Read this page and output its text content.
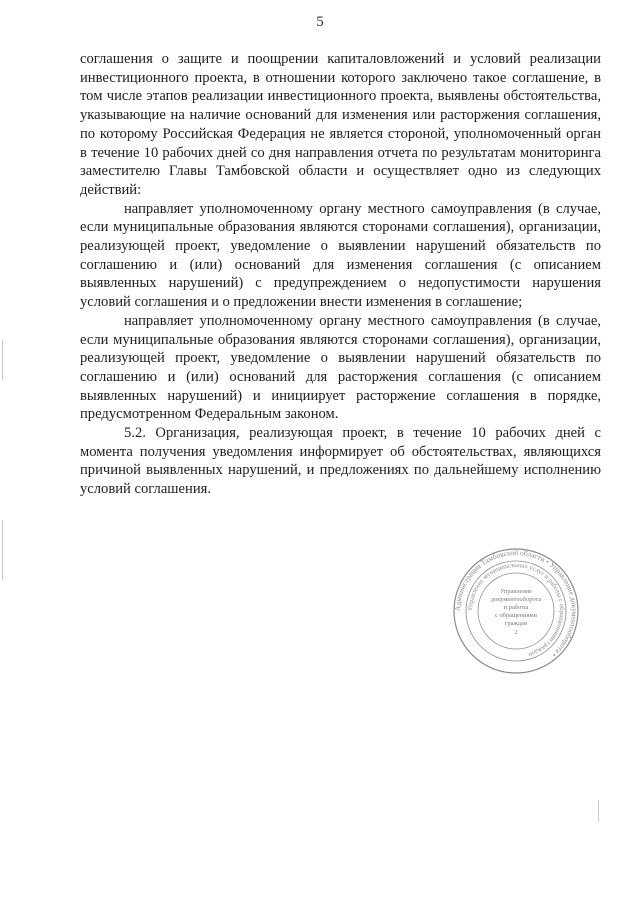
5

соглашения о защите и поощрении капиталовложений и условий реализации инвестиционного проекта, в отношении которого заключено такое соглашение, в том числе этапов реализации инвестиционного проекта, выявлены обстоятельства, указывающие на наличие оснований для изменения или расторжения соглашения, по которому Российская Федерация не является стороной, уполномоченный орган в течение 10 рабочих дней со дня направления отчета по результатам мониторинга заместителю Главы Тамбовской области и осуществляет одно из следующих действий:

направляет уполномоченному органу местного самоуправления (в случае, если муниципальные образования являются сторонами соглашения), организации, реализующей проект, уведомление о выявлении нарушений обязательств по соглашению и (или) оснований для изменения соглашения (с описанием выявленных нарушений) с предупреждением о недопустимости нарушения условий соглашения и о предложении внести изменения в соглашение;

направляет уполномоченному органу местного самоуправления (в случае, если муниципальные образования являются сторонами соглашения), организации, реализующей проект, уведомление о выявлении нарушений обязательств по соглашению и (или) оснований для расторжения соглашения (с описанием выявленных нарушений) и инициирует расторжение соглашения в порядке, предусмотренном Федеральным законом.

5.2. Организация, реализующая проект, в течение 10 рабочих дней с момента получения уведомления информирует об обстоятельствах, являющихся причиной выявленных нарушений, и предложениях по дальнейшему исполнению условий соглашения.

Администрация Тамбовской области • Управление документооборота •
Управление муниципальных услуг и работы с обращениями граждан
Управление
документооборота
и работы
с обращениями
граждан
2
